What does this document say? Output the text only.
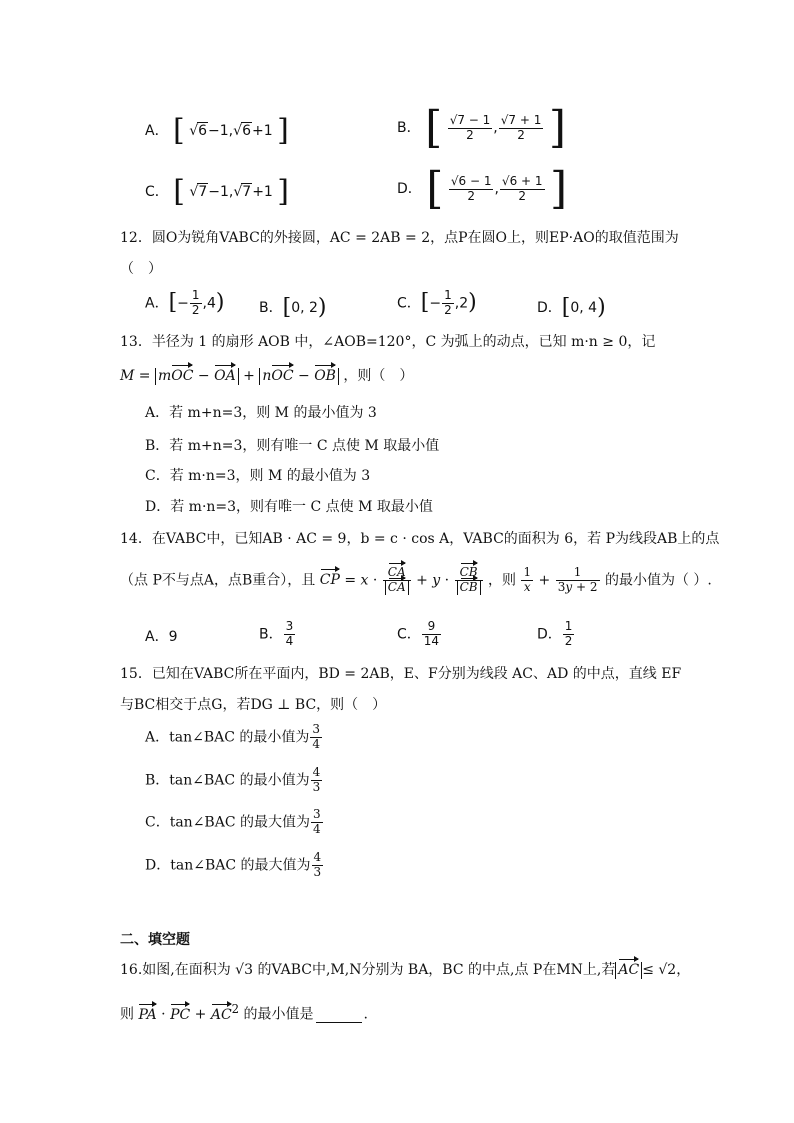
A． [ √6−1,√6+1 ]	B． [ $\frac{√7 - 1}{2}$ , $\frac{√7 + 1}{2}$ ]
C． [ √7−1,√7+1 ]	D． [ $\frac{√6 - 1}{2}$ , $\frac{√6 + 1}{2}$ ]
12．圆O为锐角VABC的外接圆，AC = 2AB = 2，点P在圆O上，则EP·AO的取值范围为
（　）
A．[− $\frac{1}{2} ,4$) B．[0, 2)	C．[− $\frac{1}{2} ,2$)	D．[0, 4)
13．半径为 1 的扇形 AOB 中，∠AOB=120°，C 为弧上的动点，已知 m·n ≥ 0，记
M = mOC − OA + nOC − OB ，则（　）
A．若 m+n=3，则 M 的最小值为 3
B．若 m+n=3，则有唯一 C 点使 M 取最小值
C．若 m·n=3，则 M 的最小值为 3
D．若 m·n=3，则有唯一 C 点使 M 取最小值
14．在VABC中，已知AB · AC = 9，b = c · cos A，VABC的面积为 6，若 P为线段AB上的点
（点 P不与点A，点B重合），且 CP = $x \cdot \frac{CA}{CA} + y \cdot \frac{CB}{CB}$ ，则 $\frac{1}{x} + \frac{1}{3y + 2}$ 的最小值为（ ）.
A．9	B． $\frac{3}{4}$	C． $\frac{9}{14}$	D． $\frac{1}{2}$
15．已知在VABC所在平面内，BD = 2AB，E、F分别为线段 AC、AD 的中点，直线 EF
与BC相交于点G，若DG ⊥ BC，则（　）
A．tan∠BAC 的最小值为 $\frac{3}{4}$
B．tan∠BAC 的最小值为 $\frac{4}{3}$
C．tan∠BAC 的最大值为 $\frac{3}{4}$
D．tan∠BAC 的最大值为 $\frac{4}{3}$
二、填空题
16.如图,在面积为 √3 的VABC中,M,N分别为 BA，BC 的中点,点 P在MN上,若 AC ≤ √2，
则 PA · PC + $AC^2$ 的最小值是	.
